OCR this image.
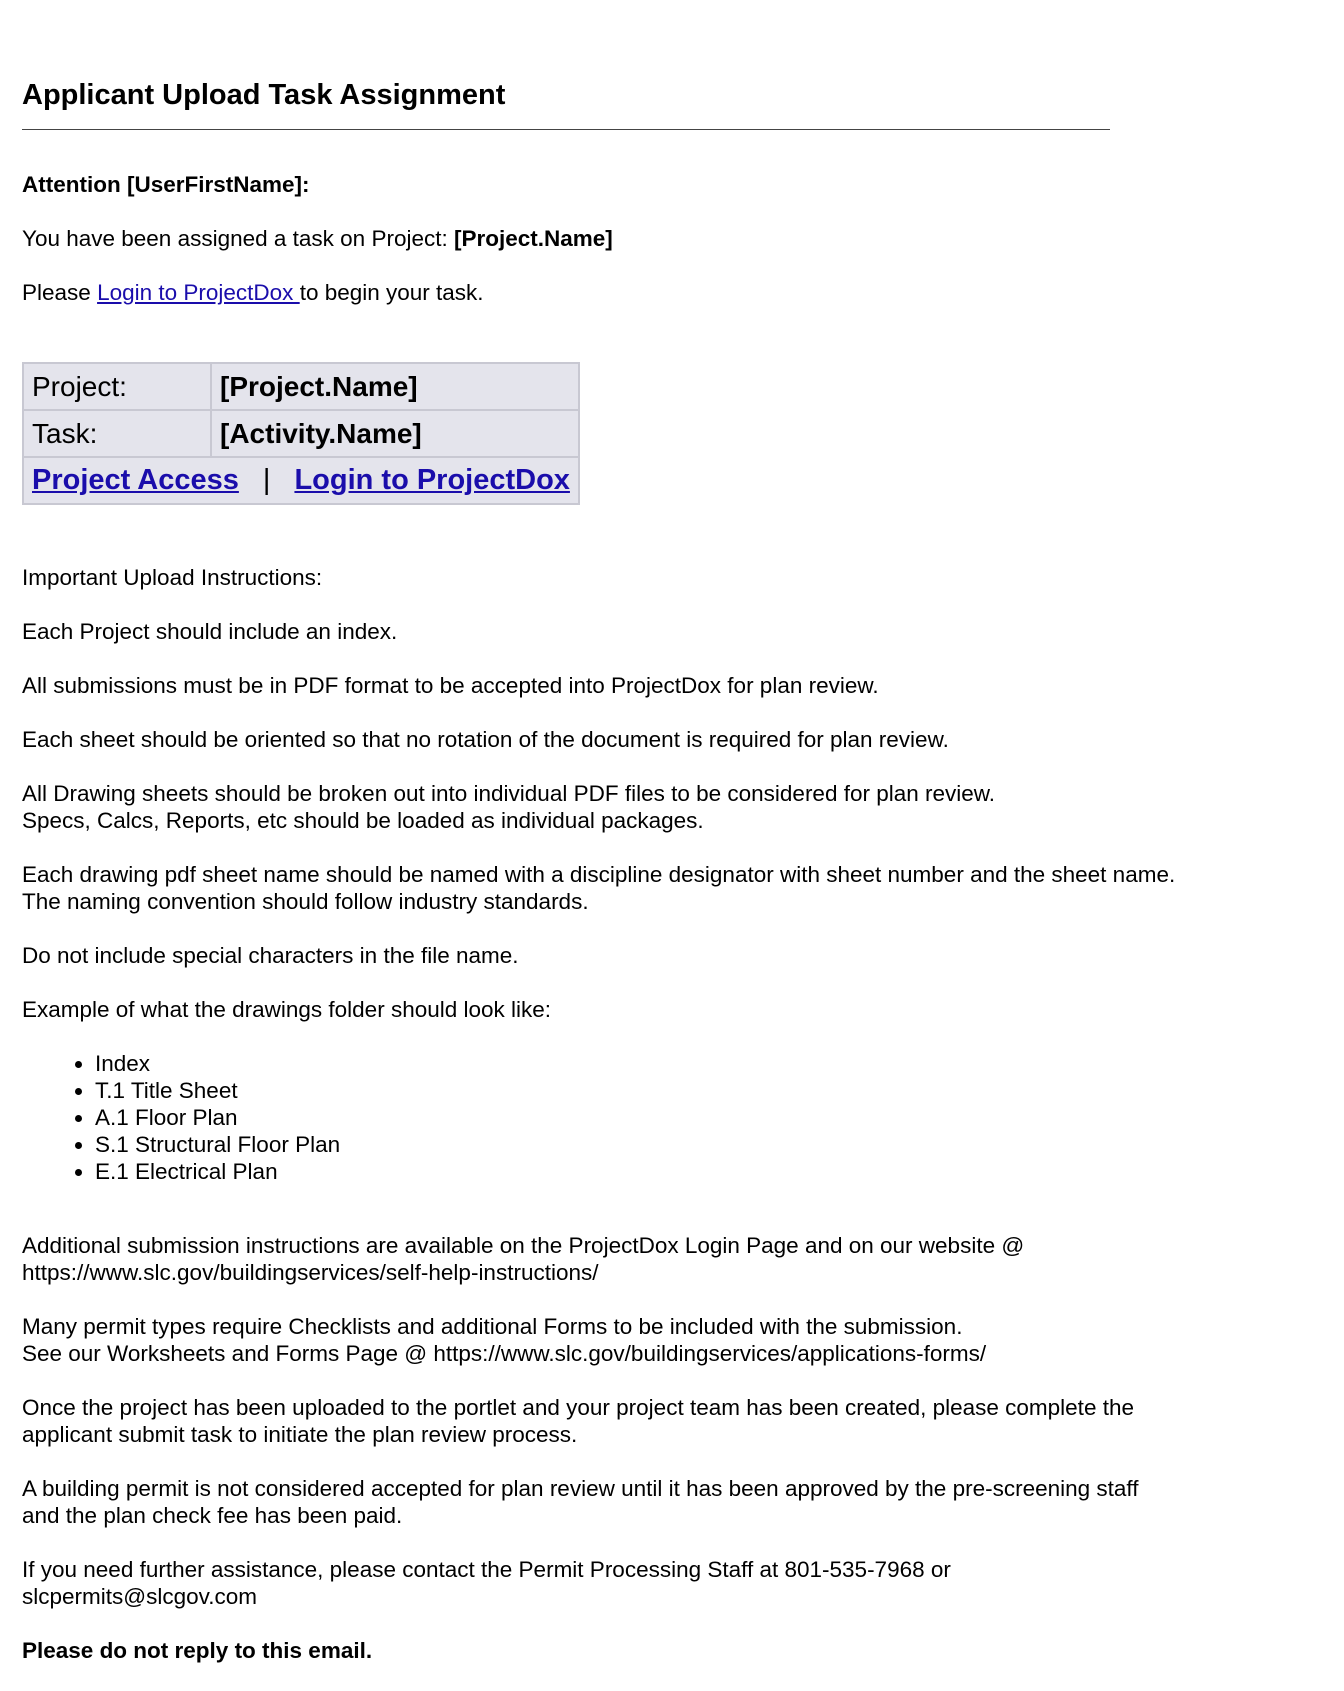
Applicant Upload Task Assignment
Attention [UserFirstName]:
You have been assigned a task on Project: [Project.Name]
Please Login to ProjectDox to begin your task.
Project:	[Project.Name]
Task:	[Activity.Name]
Project Access | Login to ProjectDox	
Important Upload Instructions:
Each Project should include an index.
All submissions must be in PDF format to be accepted into ProjectDox for plan review.
Each sheet should be oriented so that no rotation of the document is required for plan review.
All Drawing sheets should be broken out into individual PDF files to be considered for plan review.
Specs, Calcs, Reports, etc should be loaded as individual packages.
Each drawing pdf sheet name should be named with a discipline designator with sheet number and the sheet name.
The naming convention should follow industry standards.
Do not include special characters in the file name.
Example of what the drawings folder should look like:
• Index
• T.1 Title Sheet
• A.1 Floor Plan
• S.1 Structural Floor Plan
• E.1 Electrical Plan
Additional submission instructions are available on the ProjectDox Login Page and on our website @
https://www.slc.gov/buildingservices/self-help-instructions/
Many permit types require Checklists and additional Forms to be included with the submission.
See our Worksheets and Forms Page @ https://www.slc.gov/buildingservices/applications-forms/
Once the project has been uploaded to the portlet and your project team has been created, please complete the
applicant submit task to initiate the plan review process.
A building permit is not considered accepted for plan review until it has been approved by the pre-screening staff
and the plan check fee has been paid.
If you need further assistance, please contact the Permit Processing Staff at 801-535-7968 or
slcpermits@slcgov.com
Please do not reply to this email.
